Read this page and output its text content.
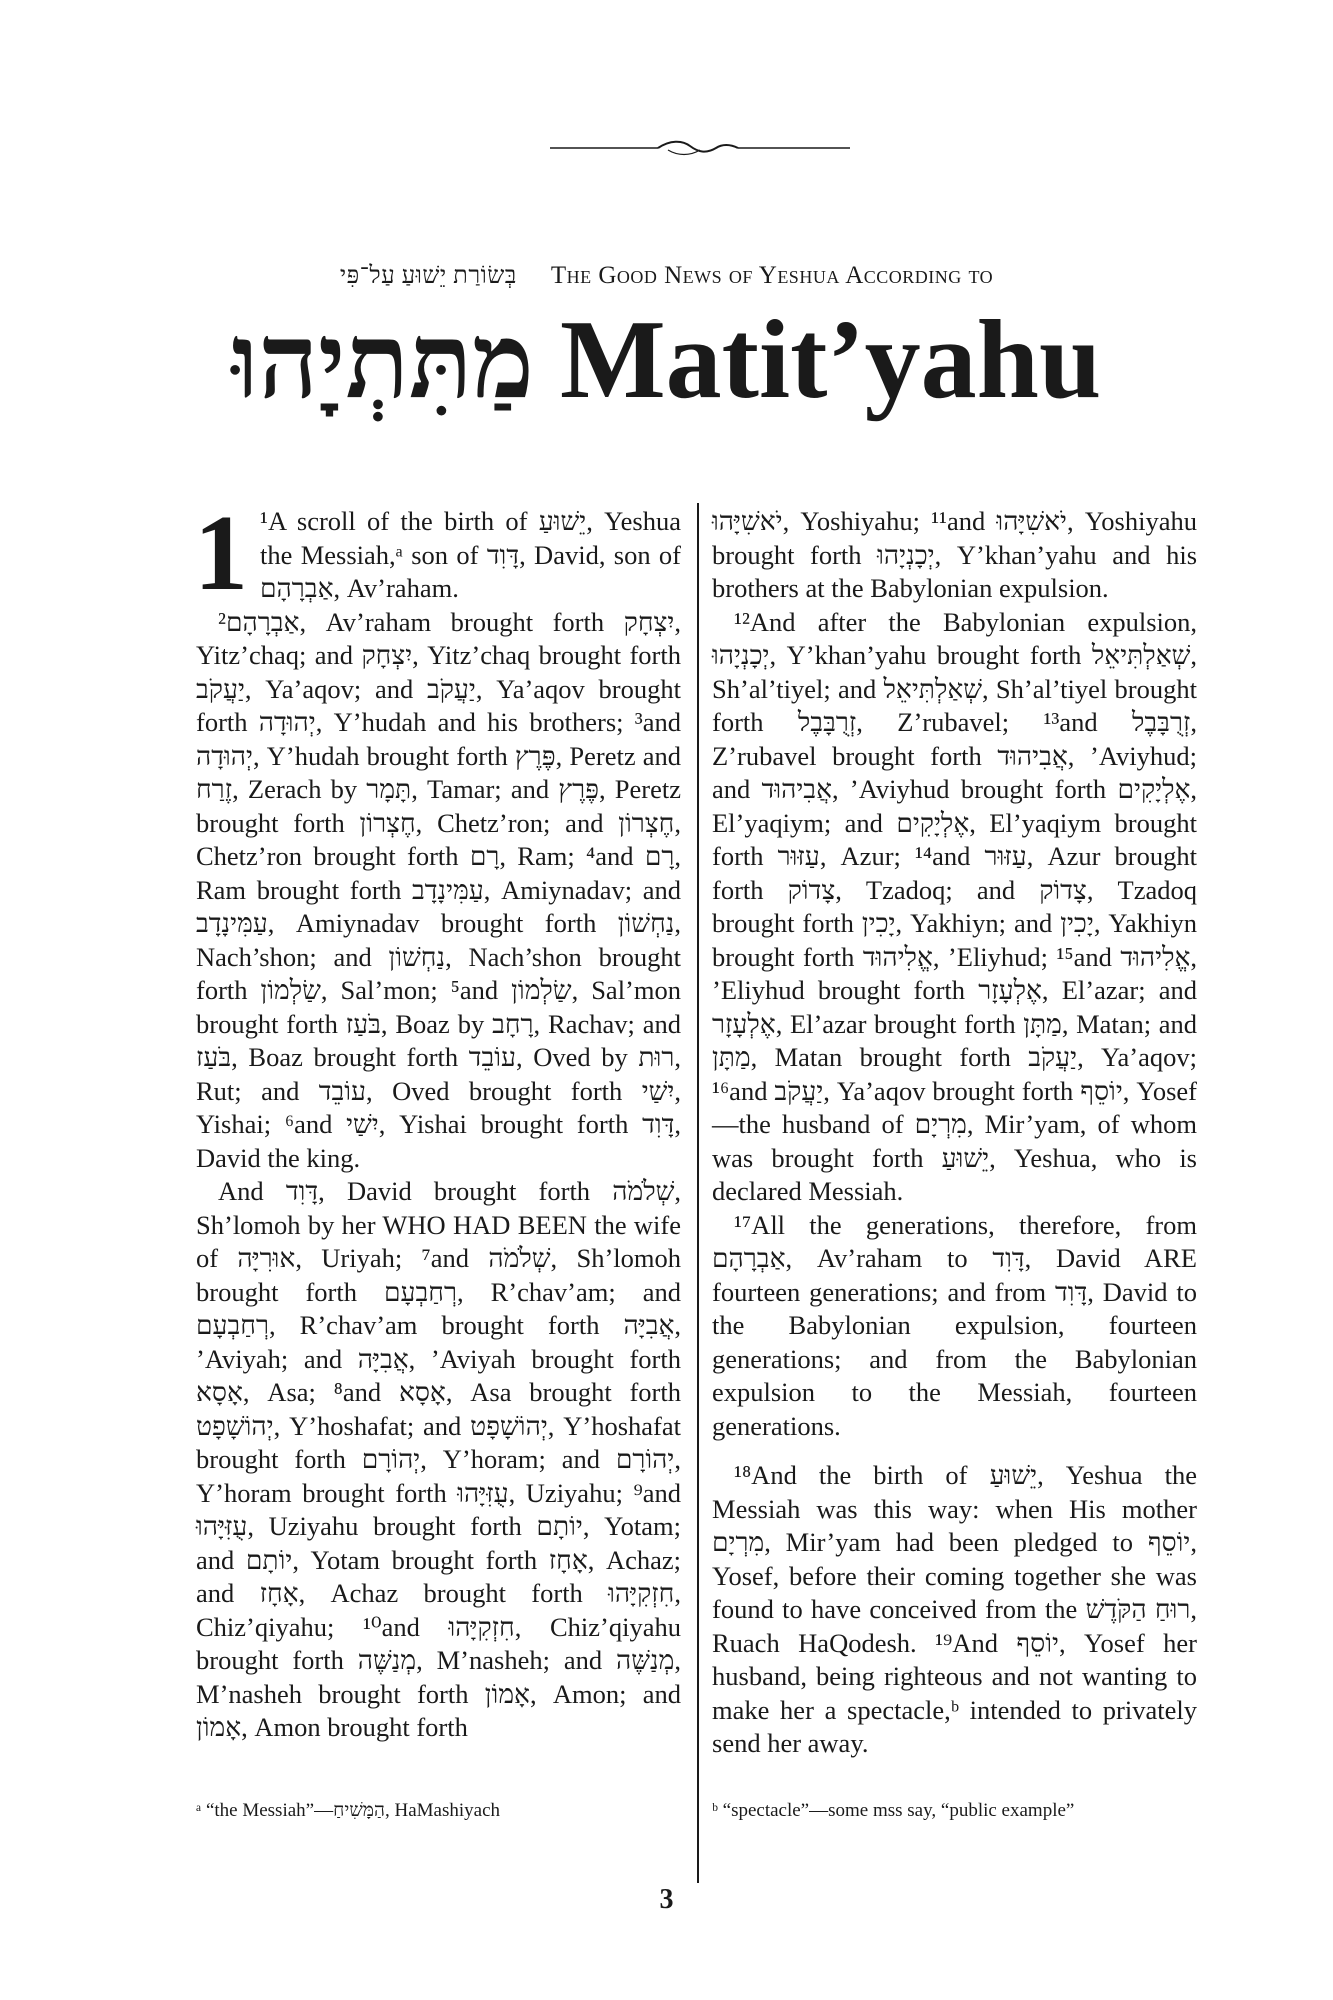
בְּשׂוֹרַת יֵשׁוּעַ עַל־פִּי The Good News of Yeshua According to
מַתִּתְיָהוּ Matit’yahu
1 ¹A scroll of the birth of יֵשׁוּעַ, Yeshua the Messiah,ᵃ son of דָּוִד, David, son of אַבְרָהָם, Av’raham.

²אַבְרָהָם, Av’raham brought forth יִצְחָק, Yitz’chaq; and יִצְחָק, Yitz’chaq brought forth יַעֲקֹב, Ya’aqov; and יַעֲקֹב, Ya’aqov brought forth יְהוּדָה, Y’hudah and his brothers; ³and יְהוּדָה, Y’hudah brought forth פֶּרֶץ, Peretz and זֶרַח, Zerach by תָּמָר, Tamar; and פֶּרֶץ, Peretz brought forth חֶצְרוֹן, Chetz’ron; and חֶצְרוֹן, Chetz’ron brought forth רָם, Ram; ⁴and רָם, Ram brought forth עַמִּינָדָב, Amiynadav; and עַמִּינָדָב, Amiynadav brought forth נַחְשׁוֹן, Nach’shon; and נַחְשׁוֹן, Nach’shon brought forth שַׂלְמוֹן, Sal’mon; ⁵and שַׂלְמוֹן, Sal’mon brought forth בֹּעַז, Boaz by רָחָב, Rachav; and בֹּעַז, Boaz brought forth עוֹבֵד, Oved by רוּת, Rut; and עוֹבֵד, Oved brought forth יִשַׁי, Yishai; ⁶and יִשַׁי, Yishai brought forth דָּוִד, David the king.

And דָּוִד, David brought forth שְׁלֹמֹה, Sh’lomoh by her WHO HAD BEEN the wife of אוּרִיָּה, Uriyah; ⁷and שְׁלֹמֹה, Sh’lomoh brought forth רְחַבְעָם, R’chav’am; and רְחַבְעָם, R’chav’am brought forth אֲבִיָּה, ’Aviyah; and אֲבִיָּה, ’Aviyah brought forth אָסָא, Asa; ⁸and אָסָא, Asa brought forth יְהוֹשָׁפָט, Y’hoshafat; and יְהוֹשָׁפָט, Y’hoshafat brought forth יְהוֹרָם, Y’horam; and יְהוֹרָם, Y’horam brought forth עֻזִּיָּהוּ, Uziyahu; ⁹and עֻזִּיָּהוּ, Uziyahu brought forth יוֹתָם, Yotam; and יוֹתָם, Yotam brought forth אָחָז, Achaz; and אָחָז, Achaz brought forth חִזְקִיָּהוּ, Chiz’qiyahu; ¹⁰and חִזְקִיָּהוּ, Chiz’qiyahu brought forth מְנַשֶּׁה, M’nasheh; and מְנַשֶּׁה, M’nasheh brought forth אָמוֹן, Amon; and אָמוֹן, Amon brought forth

יֹאשִׁיָּהוּ, Yoshiyahu; ¹¹and יֹאשִׁיָּהוּ, Yoshiyahu brought forth יְכָנְיָהוּ, Y’khan’yahu and his brothers at the Babylonian expulsion.

¹²And after the Babylonian expulsion, יְכָנְיָהוּ, Y’khan’yahu brought forth שְׁאַלְתִּיאֵל, Sh’al’tiyel; and שְׁאַלְתִּיאֵל, Sh’al’tiyel brought forth זְרֻבָּבֶל, Z’rubavel; ¹³and זְרֻבָּבֶל, Z’rubavel brought forth אֲבִיהוּד, ’Aviyhud; and אֲבִיהוּד, ’Aviyhud brought forth אֶלְיָקִים, El’yaqiym; and אֶלְיָקִים, El’yaqiym brought forth עַזּוּר, Azur; ¹⁴and עַזּוּר, Azur brought forth צָדוֹק, Tzadoq; and צָדוֹק, Tzadoq brought forth יָכִין, Yakhiyn; and יָכִין, Yakhiyn brought forth אֱלִיהוּד, ’Eliyhud; ¹⁵and אֱלִיהוּד, ’Eliyhud brought forth אֶלְעָזָר, El’azar; and אֶלְעָזָר, El’azar brought forth מַתָּן, Matan; and מַתָּן, Matan brought forth יַעֲקֹב, Ya’aqov; ¹⁶and יַעֲקֹב, Ya’aqov brought forth יוֹסֵף, Yosef—the husband of מִרְיָם, Mir’yam, of whom was brought forth יֵשׁוּעַ, Yeshua, who is declared Messiah.

¹⁷All the generations, therefore, from אַבְרָהָם, Av’raham to דָּוִד, David ARE fourteen generations; and from דָּוִד, David to the Babylonian expulsion, fourteen generations; and from the Babylonian expulsion to the Messiah, fourteen generations.

¹⁸And the birth of יֵשׁוּעַ, Yeshua the Messiah was this way: when His mother מִרְיָם, Mir’yam had been pledged to יוֹסֵף, Yosef, before their coming together she was found to have conceived from the רוּחַ הַקֹּדֶשׁ, Ruach HaQodesh. ¹⁹And יוֹסֵף, Yosef her husband, being righteous and not wanting to make her a spectacle,ᵇ intended to privately send her away.

ᵃ “the Messiah”—הַמָּשִׁיחַ, HaMashiyach	ᵇ “spectacle”—some mss say, “public example”
3
